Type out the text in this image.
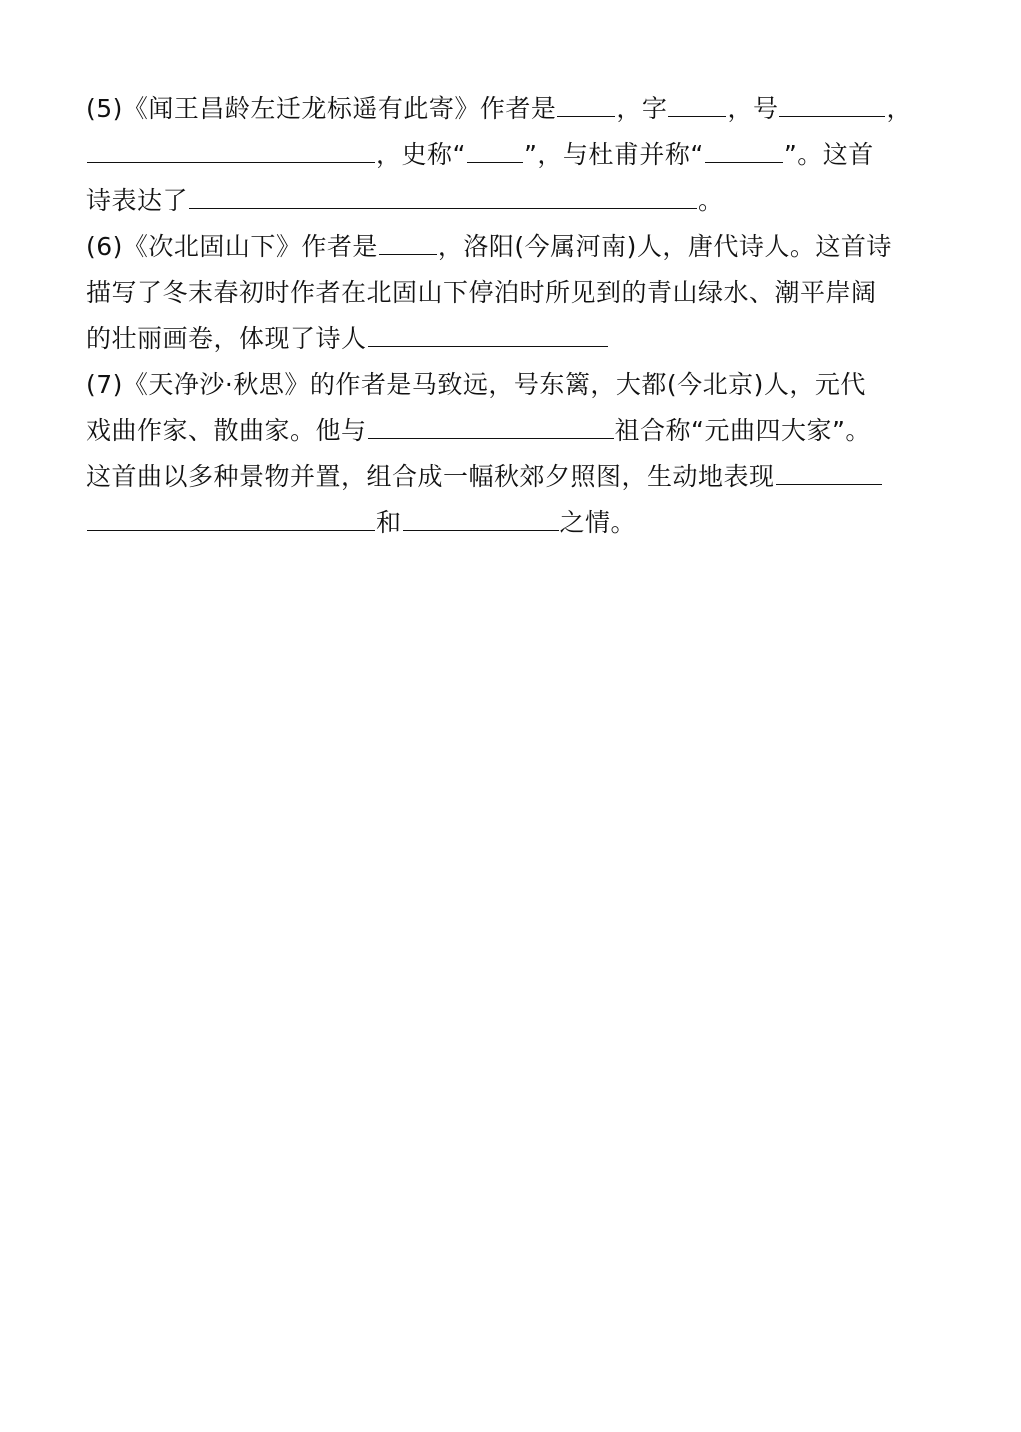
(5)《闻王昌龄左迁龙标遥有此寄》作者是 ，字 ，号	，
，史称“ ”，与杜甫并称“	”。这首
诗表达了	。
(6)《次北固山下》作者是 ，洛阳(今属河南)人，唐代诗人。这首诗
描写了冬末春初时作者在北固山下停泊时所见到的青山绿水、潮平岸阔
的壮丽画卷，体现了诗人
(7)《天净沙·秋思》的作者是马致远，号东篱，大都(今北京)人，元代
戏曲作家、散曲家。他与	祖合称“元曲四大家”。
这首曲以多种景物并置，组合成一幅秋郊夕照图，生动地表现
和	之情。
